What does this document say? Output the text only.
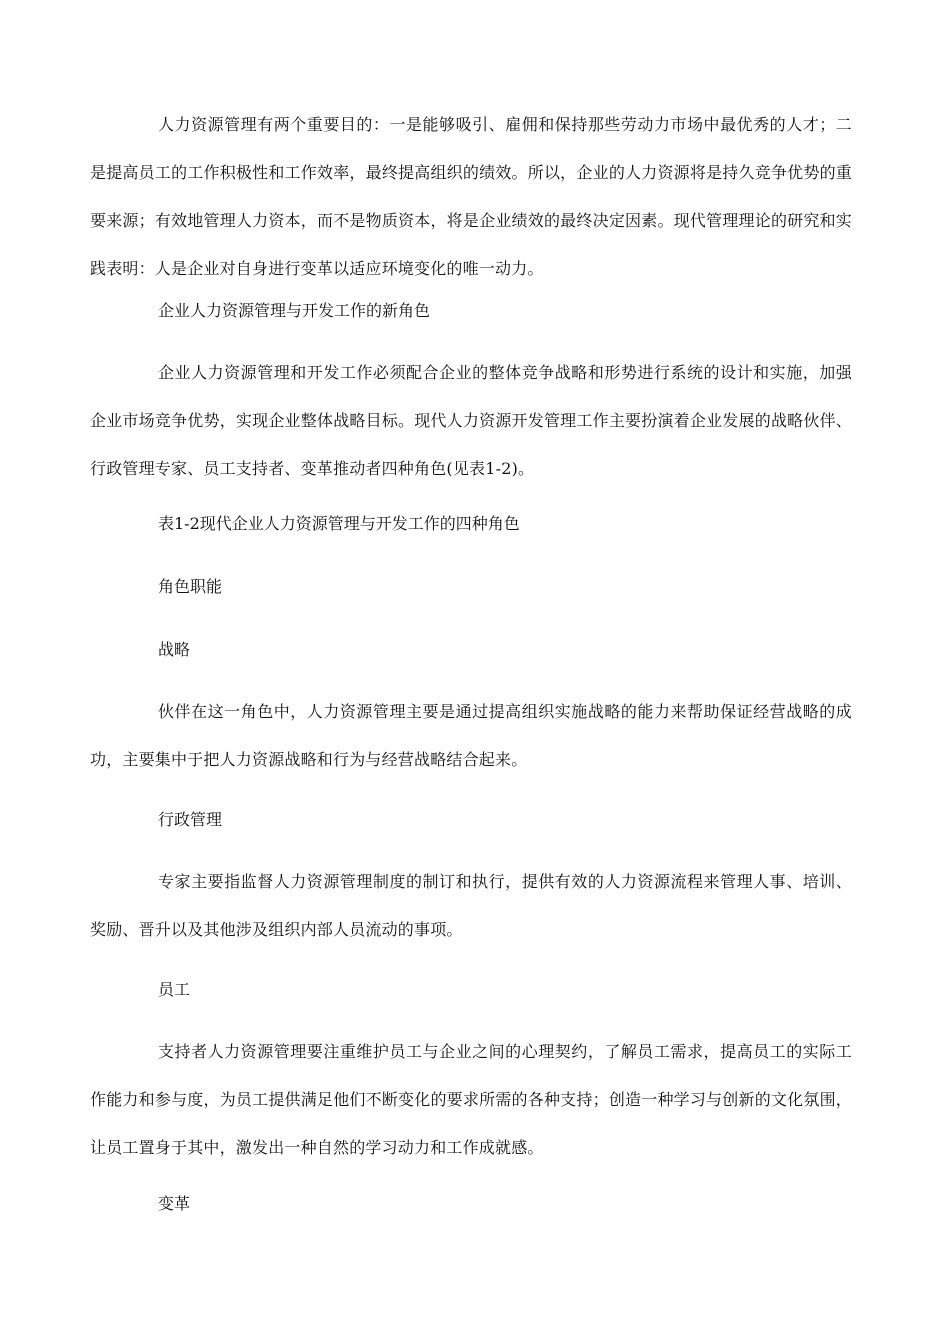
人力资源管理有两个重要目的：一是能够吸引、雇佣和保持那些劳动力市场中最优秀的人才；二是提高员工的工作积极性和工作效率，最终提高组织的绩效。所以，企业的人力资源将是持久竞争优势的重要来源；有效地管理人力资本，而不是物质资本，将是企业绩效的最终决定因素。现代管理理论的研究和实践表明：人是企业对自身进行变革以适应环境变化的唯一动力。

企业人力资源管理与开发工作的新角色

企业人力资源管理和开发工作必须配合企业的整体竞争战略和形势进行系统的设计和实施，加强企业市场竞争优势，实现企业整体战略目标。现代人力资源开发管理工作主要扮演着企业发展的战略伙伴、行政管理专家、员工支持者、变革推动者四种角色(见表1-2)。

表1-2现代企业人力资源管理与开发工作的四种角色

角色职能

战略

伙伴在这一角色中，人力资源管理主要是通过提高组织实施战略的能力来帮助保证经营战略的成功，主要集中于把人力资源战略和行为与经营战略结合起来。

行政管理

专家主要指监督人力资源管理制度的制订和执行，提供有效的人力资源流程来管理人事、培训、奖励、晋升以及其他涉及组织内部人员流动的事项。

员工

支持者人力资源管理要注重维护员工与企业之间的心理契约，了解员工需求，提高员工的实际工作能力和参与度，为员工提供满足他们不断变化的要求所需的各种支持；创造一种学习与创新的文化氛围，让员工置身于其中，激发出一种自然的学习动力和工作成就感。

变革
